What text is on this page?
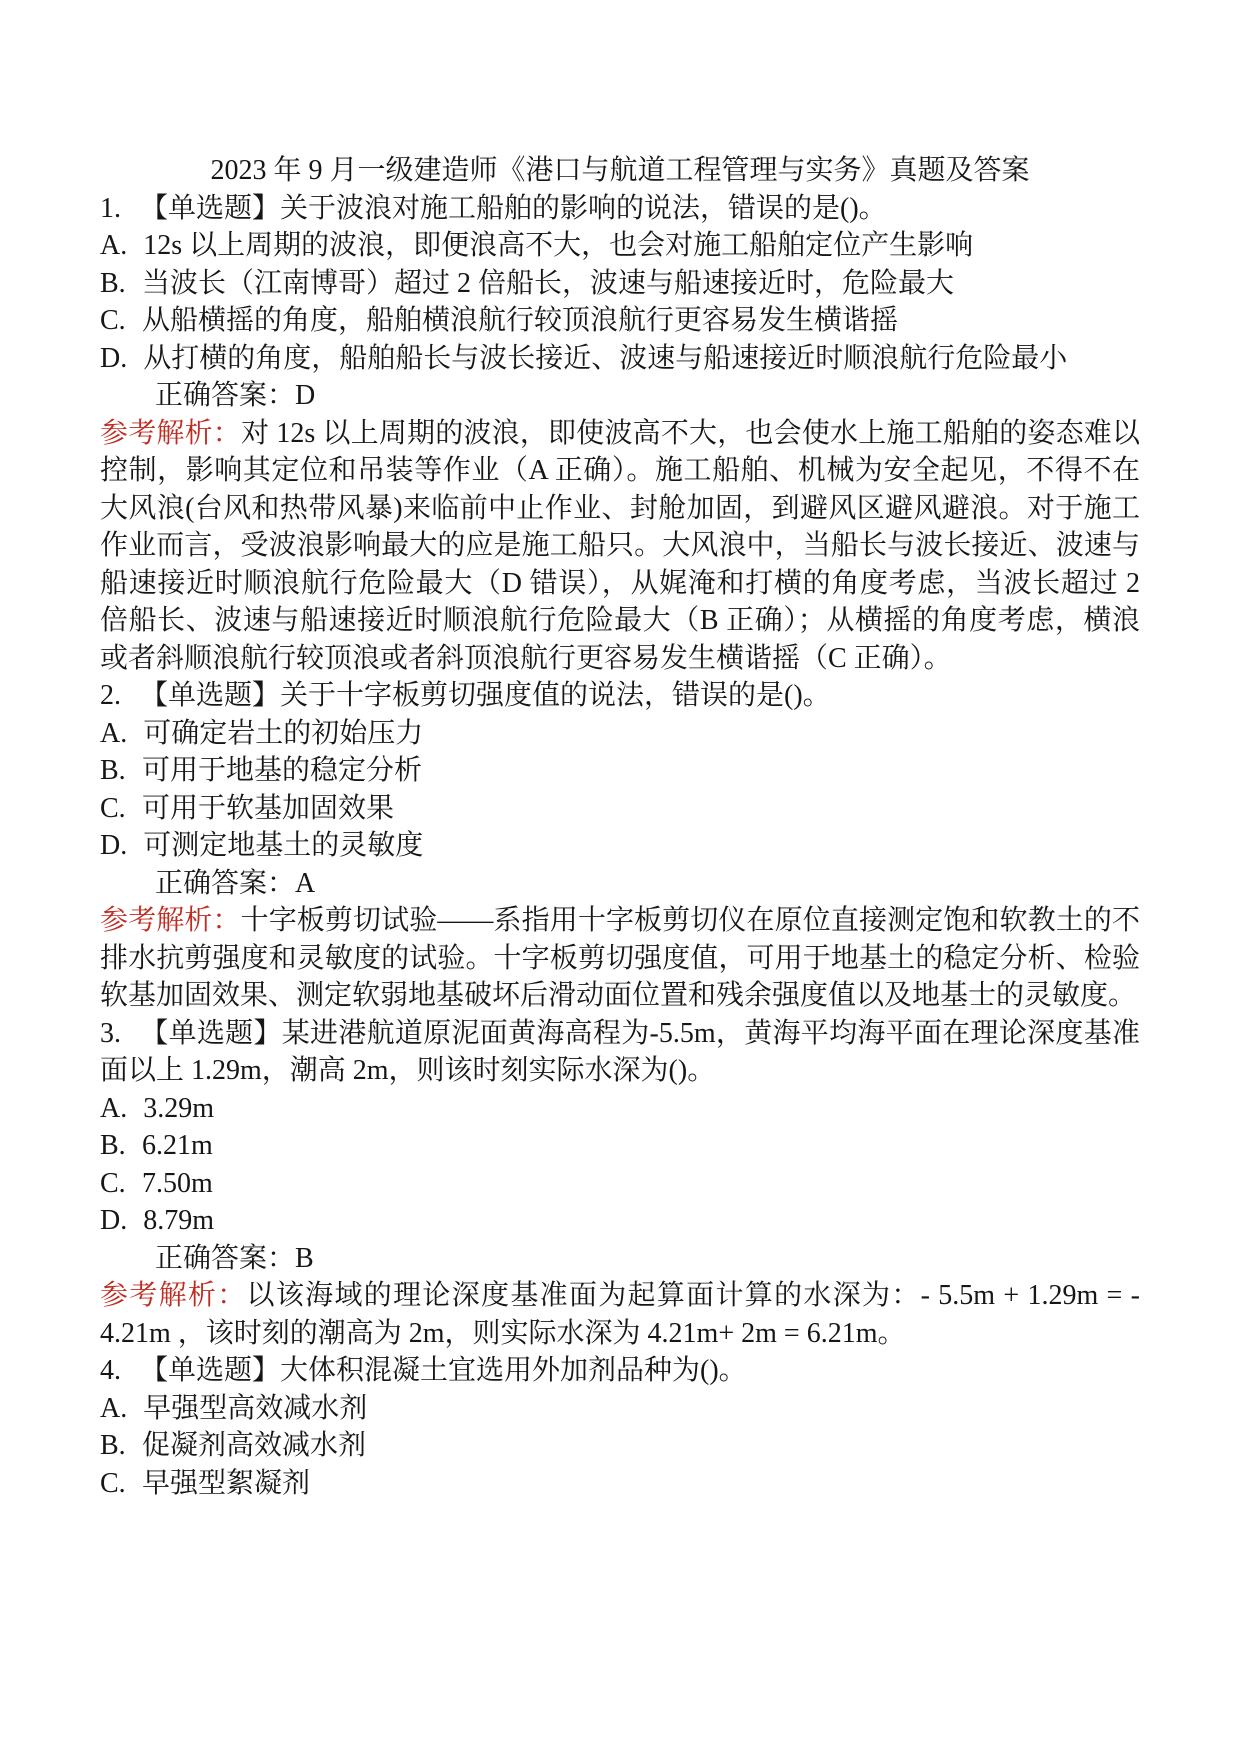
2023 年 9 月一级建造师《港口与航道工程管理与实务》真题及答案

1. 【单选题】关于波浪对施工船舶的影响的说法，错误的是()。

A. 12s 以上周期的波浪，即便浪高不大，也会对施工船舶定位产生影响

B. 当波长（江南博哥）超过 2 倍船长，波速与船速接近时，危险最大

C. 从船横摇的角度，船舶横浪航行较顶浪航行更容易发生横谐摇

D. 从打横的角度，船舶船长与波长接近、波速与船速接近时顺浪航行危险最小

正确答案：D

参考解析：对 12s 以上周期的波浪，即使波高不大，也会使水上施工船舶的姿态难以控制，影响其定位和吊装等作业（A 正确）。施工船舶、机械为安全起见，不得不在大风浪(台风和热带风暴)来临前中止作业、封舱加固，到避风区避风避浪。对于施工作业而言，受波浪影响最大的应是施工船只。大风浪中，当船长与波长接近、波速与船速接近时顺浪航行危险最大（D 错误），从娓淹和打横的角度考虑，当波长超过 2 倍船长、波速与船速接近时顺浪航行危险最大（B 正确）；从横摇的角度考虑，横浪或者斜顺浪航行较顶浪或者斜顶浪航行更容易发生横谐摇（C 正确）。

2. 【单选题】关于十字板剪切强度值的说法，错误的是()。

A. 可确定岩土的初始压力

B. 可用于地基的稳定分析

C. 可用于软基加固效果

D. 可测定地基土的灵敏度

正确答案：A

参考解析：十字板剪切试验——系指用十字板剪切仪在原位直接测定饱和软教土的不排水抗剪强度和灵敏度的试验。十字板剪切强度值，可用于地基土的稳定分析、检验软基加固效果、测定软弱地基破坏后滑动面位置和残余强度值以及地基士的灵敏度。

3. 【单选题】某进港航道原泥面黄海高程为-5.5m，黄海平均海平面在理论深度基准面以上 1.29m，潮高 2m，则该时刻实际水深为()。

A. 3.29m

B. 6.21m

C. 7.50m

D. 8.79m

正确答案：B

参考解析：以该海域的理论深度基准面为起算面计算的水深为：- 5.5m + 1.29m = - 4.21m ，该时刻的潮高为 2m，则实际水深为 4.21m+ 2m = 6.21m。

4. 【单选题】大体积混凝土宜选用外加剂品种为()。

A. 早强型高效减水剂

B. 促凝剂高效减水剂

C. 早强型絮凝剂
